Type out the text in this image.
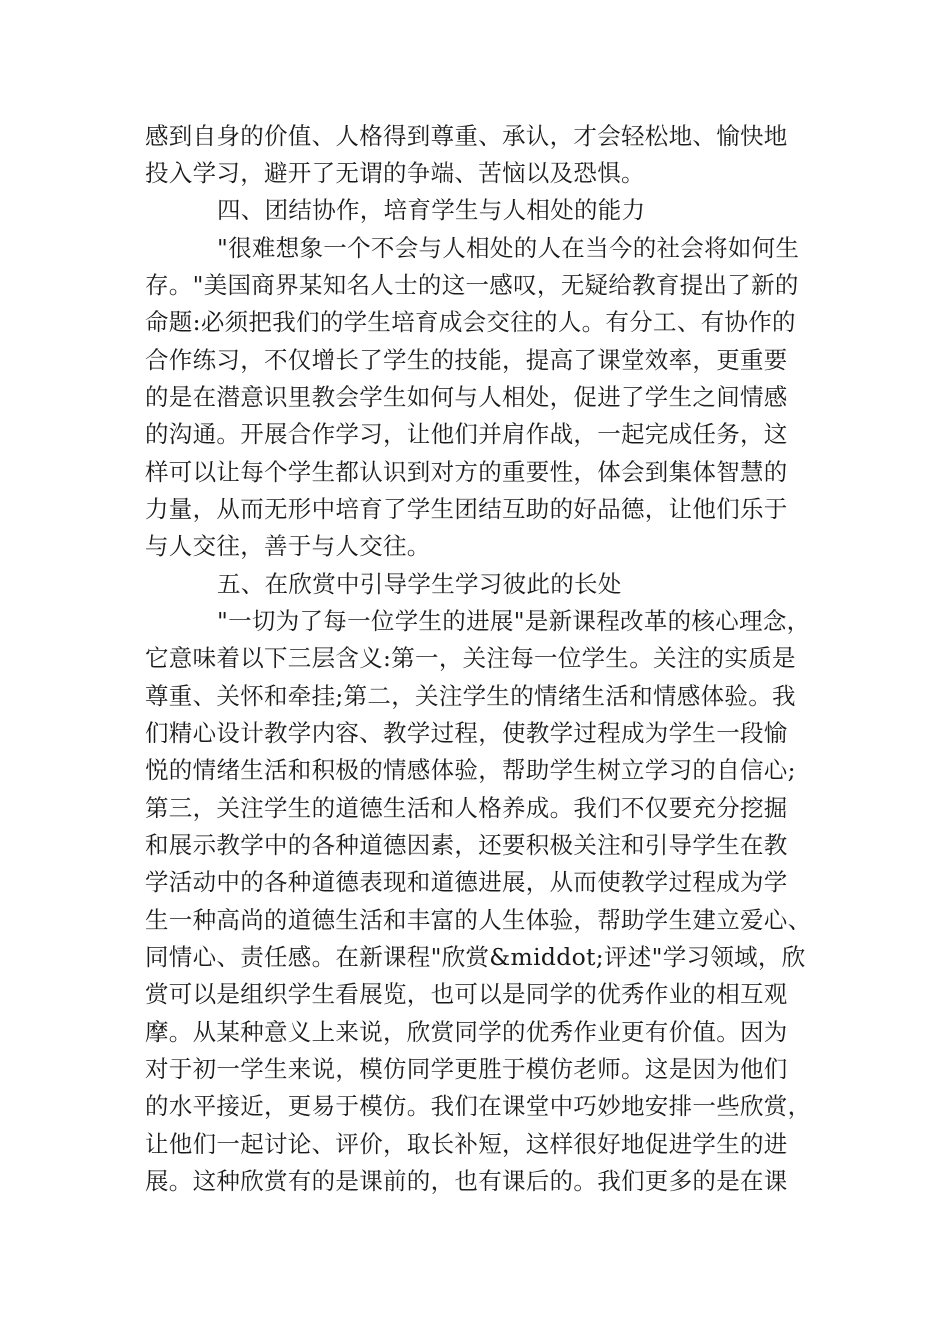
感到自身的价值、人格得到尊重、承认，才会轻松地、愉快地
投入学习，避开了无谓的争端、苦恼以及恐惧。
四、团结协作，培育学生与人相处的能力
"很难想象一个不会与人相处的人在当今的社会将如何生
存。"美国商界某知名人士的这一感叹，无疑给教育提出了新的
命题:必须把我们的学生培育成会交往的人。有分工、有协作的
合作练习，不仅增长了学生的技能，提高了课堂效率，更重要
的是在潜意识里教会学生如何与人相处，促进了学生之间情感
的沟通。开展合作学习，让他们并肩作战，一起完成任务，这
样可以让每个学生都认识到对方的重要性，体会到集体智慧的
力量，从而无形中培育了学生团结互助的好品德，让他们乐于
与人交往，善于与人交往。
五、在欣赏中引导学生学习彼此的长处
"一切为了每一位学生的进展"是新课程改革的核心理念，
它意味着以下三层含义:第一，关注每一位学生。关注的实质是
尊重、关怀和牵挂;第二，关注学生的情绪生活和情感体验。我
们精心设计教学内容、教学过程，使教学过程成为学生一段愉
悦的情绪生活和积极的情感体验，帮助学生树立学习的自信心;
第三，关注学生的道德生活和人格养成。我们不仅要充分挖掘
和展示教学中的各种道德因素，还要积极关注和引导学生在教
学活动中的各种道德表现和道德进展，从而使教学过程成为学
生一种高尚的道德生活和丰富的人生体验，帮助学生建立爱心、
同情心、责任感。在新课程"欣赏&middot;评述"学习领域，欣
赏可以是组织学生看展览，也可以是同学的优秀作业的相互观
摩。从某种意义上来说，欣赏同学的优秀作业更有价值。因为
对于初一学生来说，模仿同学更胜于模仿老师。这是因为他们
的水平接近，更易于模仿。我们在课堂中巧妙地安排一些欣赏，
让他们一起讨论、评价，取长补短，这样很好地促进学生的进
展。这种欣赏有的是课前的，也有课后的。我们更多的是在课
